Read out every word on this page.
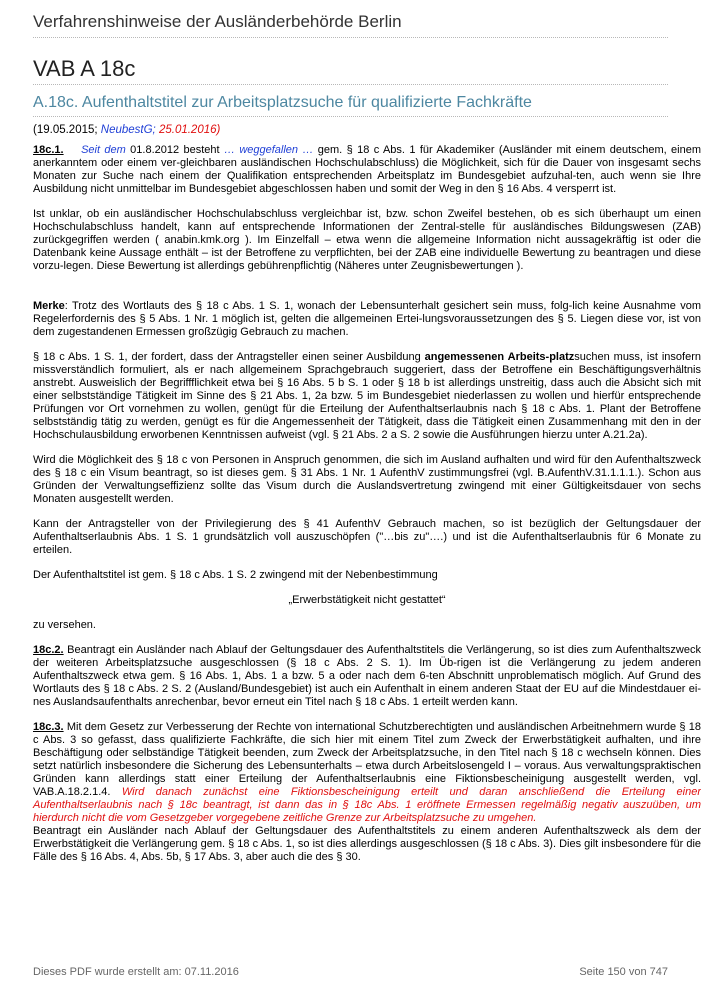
Verfahrenshinweise der Ausländerbehörde Berlin
VAB A 18c
A.18c. Aufenthaltstitel zur Arbeitsplatzsuche für qualifizierte Fachkräfte
(19.05.2015; NeubestG; 25.01.2016)

18c.1. Seit dem 01.8.2012 besteht … weggefallen … gem. § 18 c Abs. 1 für Akademiker (Ausländer mit einem deutschem, einem anerkanntem oder einem ver-gleichbaren ausländischen Hochschulabschluss) die Möglichkeit, sich für die Dauer von insgesamt sechs Monaten zur Suche nach einem der Qualifikation entsprechenden Arbeitsplatz im Bundesgebiet aufzuhal-ten, auch wenn sie Ihre Ausbildung nicht unmittelbar im Bundesgebiet abgeschlossen haben und somit der Weg in den § 16 Abs. 4 versperrt ist.

Ist unklar, ob ein ausländischer Hochschulabschluss vergleichbar ist, bzw. schon Zweifel bestehen, ob es sich überhaupt um einen Hochschulabschluss handelt, kann auf entsprechende Informationen der Zentral-stelle für ausländisches Bildungswesen (ZAB) zurückgegriffen werden ( anabin.kmk.org ). Im Einzelfall – etwa wenn die allgemeine Information nicht aussagekräftig ist oder die Datenbank keine Aussage enthält – ist der Betroffene zu verpflichten, bei der ZAB eine individuelle Bewertung zu beantragen und diese vorzu-legen. Diese Bewertung ist allerdings gebührenpflichtig (Näheres unter Zeugnisbewertungen ).

Merke: Trotz des Wortlauts des § 18 c Abs. 1 S. 1, wonach der Lebensunterhalt gesichert sein muss, folg-lich keine Ausnahme vom Regelerfordernis des § 5 Abs. 1 Nr. 1 möglich ist, gelten die allgemeinen Ertei-lungsvoraussetzungen des § 5. Liegen diese vor, ist von dem zugestandenen Ermessen großzügig Gebrauch zu machen.

§ 18 c Abs. 1 S. 1, der fordert, dass der Antragsteller einen seiner Ausbildung angemessenen Arbeits-platzsuchen muss, ist insofern missverständlich formuliert, als er nach allgemeinem Sprachgebrauch suggeriert, dass der Betroffene ein Beschäftigungsverhältnis anstrebt. Ausweislich der Begriffflichkeit etwa bei § 16 Abs. 5 b S. 1 oder § 18 b ist allerdings unstreitig, dass auch die Absicht sich mit einer selbstständige Tätigkeit im Sinne des § 21 Abs. 1, 2a bzw. 5 im Bundesgebiet niederlassen zu wollen und hierfür entsprechende Prüfungen vor Ort vornehmen zu wollen, genügt für die Erteilung der Aufenthaltserlaubnis nach § 18 c Abs. 1. Plant der Betroffene selbstständig tätig zu werden, genügt es für die Angemessenheit der Tätigkeit, dass die Tätigkeit einen Zusammenhang mit den in der Hochschulausbildung erworbenen Kenntnissen aufweist (vgl. § 21 Abs. 2 a S. 2 sowie die Ausführungen hierzu unter A.21.2a).

Wird die Möglichkeit des § 18 c von Personen in Anspruch genommen, die sich im Ausland aufhalten und wird für den Aufenthaltszweck des § 18 c ein Visum beantragt, so ist dieses gem. § 31 Abs. 1 Nr. 1 AufenthV zustimmungsfrei (vgl. B.AufenthV.31.1.1.1.). Schon aus Gründen der Verwaltungseffizienz sollte das Visum durch die Auslandsvertretung zwingend mit einer Gültigkeitsdauer von sechs Monaten ausgestellt werden.

Kann der Antragsteller von der Privilegierung des § 41 AufenthV Gebrauch machen, so ist bezüglich der Geltungsdauer der Aufenthaltserlaubnis Abs. 1 S. 1 grundsätzlich voll auszuschöpfen ("…bis zu"….) und ist die Aufenthaltserlaubnis für 6 Monate zu erteilen.

Der Aufenthaltstitel ist gem. § 18 c Abs. 1 S. 2 zwingend mit der Nebenbestimmung

„Erwerbstätigkeit nicht gestattet“

zu versehen.

18c.2. Beantragt ein Ausländer nach Ablauf der Geltungsdauer des Aufenthaltstitels die Verlängerung, so ist dies zum Aufenthaltszweck der weiteren Arbeitsplatzsuche ausgeschlossen (§ 18 c Abs. 2 S. 1). Im Üb-rigen ist die Verlängerung zu jedem anderen Aufenthaltszweck etwa gem. § 16 Abs. 1, Abs. 1 a bzw. 5 a oder nach dem 6-ten Abschnitt unproblematisch möglich. Auf Grund des Wortlauts des § 18 c Abs. 2 S. 2 (Ausland/Bundesgebiet) ist auch ein Aufenthalt in einem anderen Staat der EU auf die Mindestdauer ei-nes Auslandsaufenthalts anrechenbar, bevor erneut ein Titel nach § 18 c Abs. 1 erteilt werden kann.

18c.3. Mit dem Gesetz zur Verbesserung der Rechte von international Schutzberechtigten und ausländischen Arbeitnehmern wurde § 18 c Abs. 3 so gefasst, dass qualifizierte Fachkräfte, die sich hier mit einem Titel zum Zweck der Erwerbstätigkeit aufhalten, und ihre Beschäftigung oder selbständige Tätigkeit beenden, zum Zweck der Arbeitsplatzsuche, in den Titel nach § 18 c wechseln können. Dies setzt natürlich insbesondere die Sicherung des Lebensunterhalts – etwa durch Arbeitslosengeld I – voraus. Aus verwaltungspraktischen Gründen kann allerdings statt einer Erteilung der Aufenthaltserlaubnis eine Fiktionsbescheinigung ausgestellt werden, vgl. VAB.A.18.2.1.4. Wird danach zunächst eine Fiktionsbescheinigung erteilt und daran anschließend die Erteilung einer Aufenthaltserlaubnis nach § 18c beantragt, ist dann das in § 18c Abs. 1 eröffnete Ermessen regelmäßig negativ auszuüben, um hierdurch nicht die vom Gesetzgeber vorgegebene zeitliche Grenze zur Arbeitsplatzsuche zu umgehen.

Beantragt ein Ausländer nach Ablauf der Geltungsdauer des Aufenthaltstitels zu einem anderen Aufenthaltszweck als dem der Erwerbstätigkeit die Verlängerung gem. § 18 c Abs. 1, so ist dies allerdings ausgeschlossen (§ 18 c Abs. 3). Dies gilt insbesondere für die Fälle des § 16 Abs. 4, Abs. 5b, § 17 Abs. 3, aber auch die des § 30.

Dieses PDF wurde erstellt am: 07.11.2016	Seite 150 von 747
